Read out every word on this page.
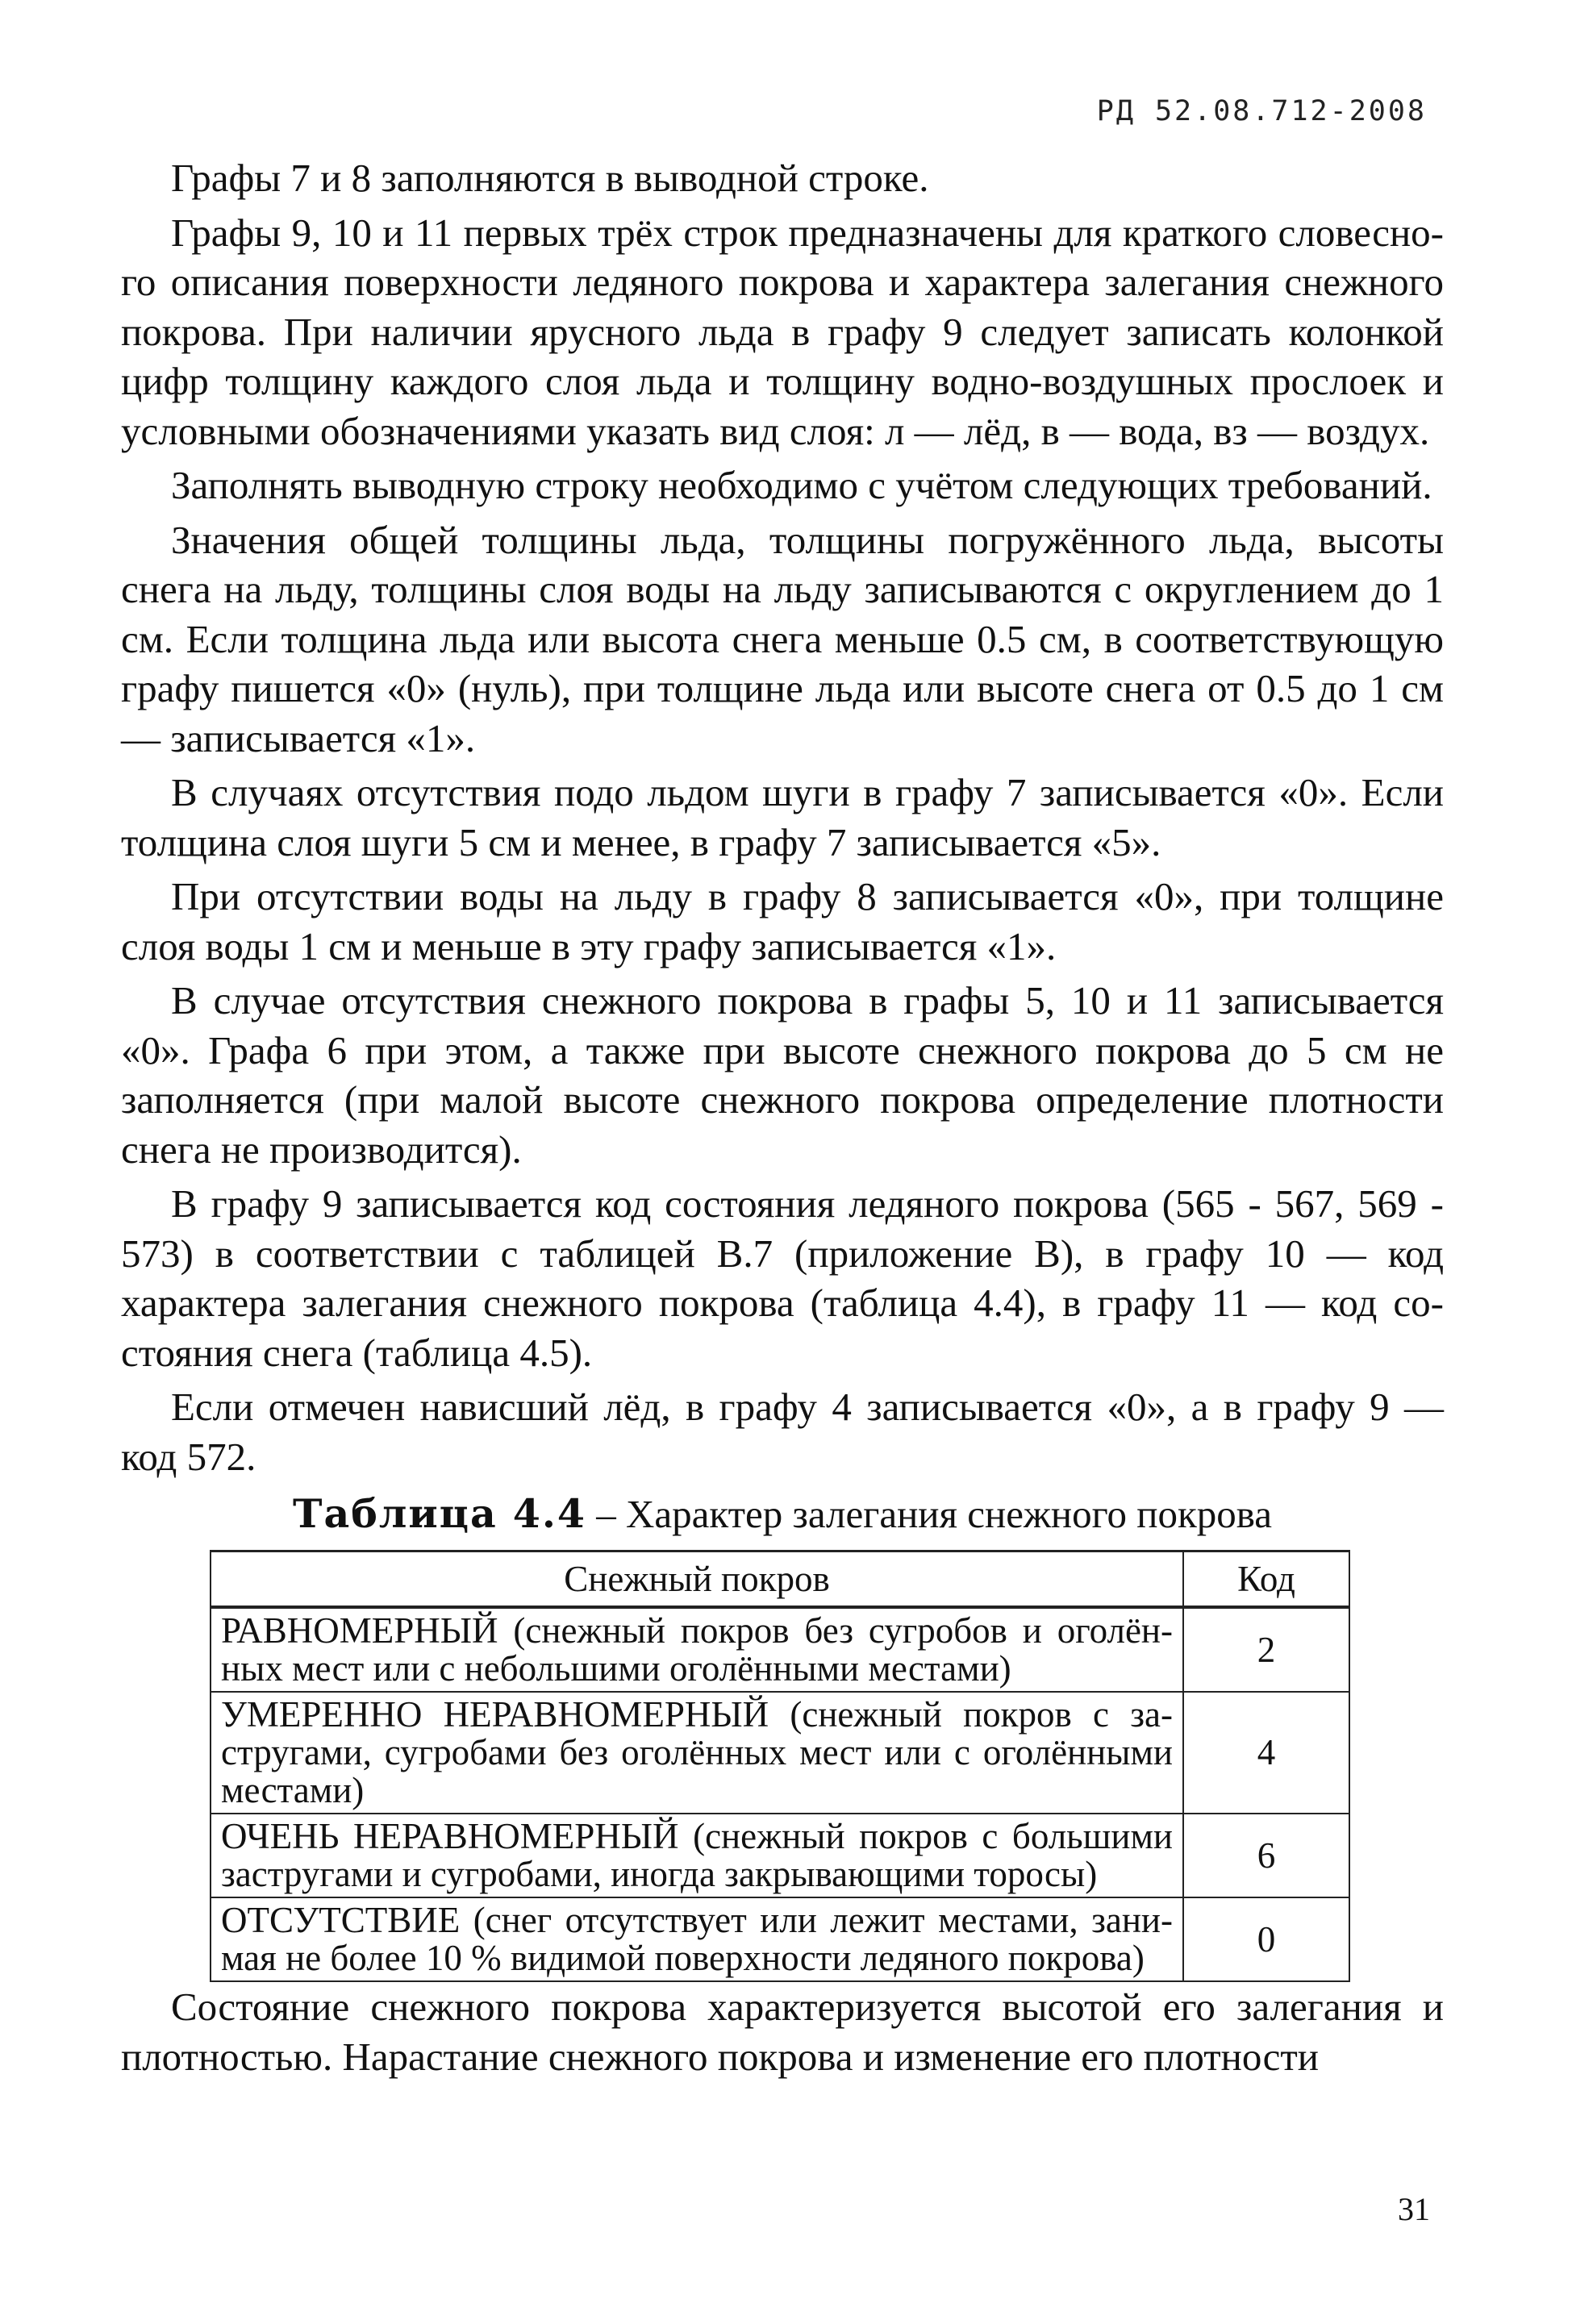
РД 52.08.712-2008

Графы 7 и 8 заполняются в выводной строке.

Графы 9, 10 и 11 первых трёх строк предназначены для краткого словесного описания поверхности ледяного покрова и характера залегания снежного покрова. При наличии ярусного льда в графу 9 следует записать колонкой цифр толщину каждого слоя льда и толщину водно-воздушных прослоек и условными обозначениями указать вид слоя: л — лёд, в — вода, вз — воздух.

Заполнять выводную строку необходимо с учётом следующих требований.

Значения общей толщины льда, толщины погружённого льда, высоты снега на льду, толщины слоя воды на льду записываются с округлением до 1 см. Если толщина льда или высота снега меньше 0.5 см, в соответствующую графу пишется «0» (нуль), при толщине льда или высоте снега от 0.5 до 1 см — записывается «1».

В случаях отсутствия подо льдом шуги в графу 7 записывается «0». Если толщина слоя шуги 5 см и менее, в графу 7 записывается «5».

При отсутствии воды на льду в графу 8 записывается «0», при толщине слоя воды 1 см и меньше в эту графу записывается «1».

В случае отсутствия снежного покрова в графы 5, 10 и 11 записывается «0». Графа 6 при этом, а также при высоте снежного покрова до 5 см не заполняется (при малой высоте снежного покрова определение плотности снега не производится).

В графу 9 записывается код состояния ледяного покрова (565 - 567, 569 - 573) в соответствии с таблицей В.7 (приложение В), в графу 10 — код характера залегания снежного покрова (таблица 4.4), в графу 11 — код состояния снега (таблица 4.5).

Если отмечен нависший лёд, в графу 4 записывается «0», а в графу 9 — код 572.

Таблица 4.4 – Характер залегания снежного покрова
Снежный покров	Код
РАВНОМЕРНЫЙ (снежный покров без сугробов и оголённых мест или с небольшими оголёнными местами)	2
УМЕРЕННО НЕРАВНОМЕРНЫЙ (снежный покров с застругами, сугробами без оголённых мест или с оголёнными местами)	4
ОЧЕНЬ НЕРАВНОМЕРНЫЙ (снежный покров с большими застругами и сугробами, иногда закрывающими торосы)	6
ОТСУТСТВИЕ (снег отсутствует или лежит местами, занимая не более 10 % видимой поверхности ледяного покрова)	0

Состояние снежного покрова характеризуется высотой его залегания и плотностью. Нарастание снежного покрова и изменение его плотности

31
